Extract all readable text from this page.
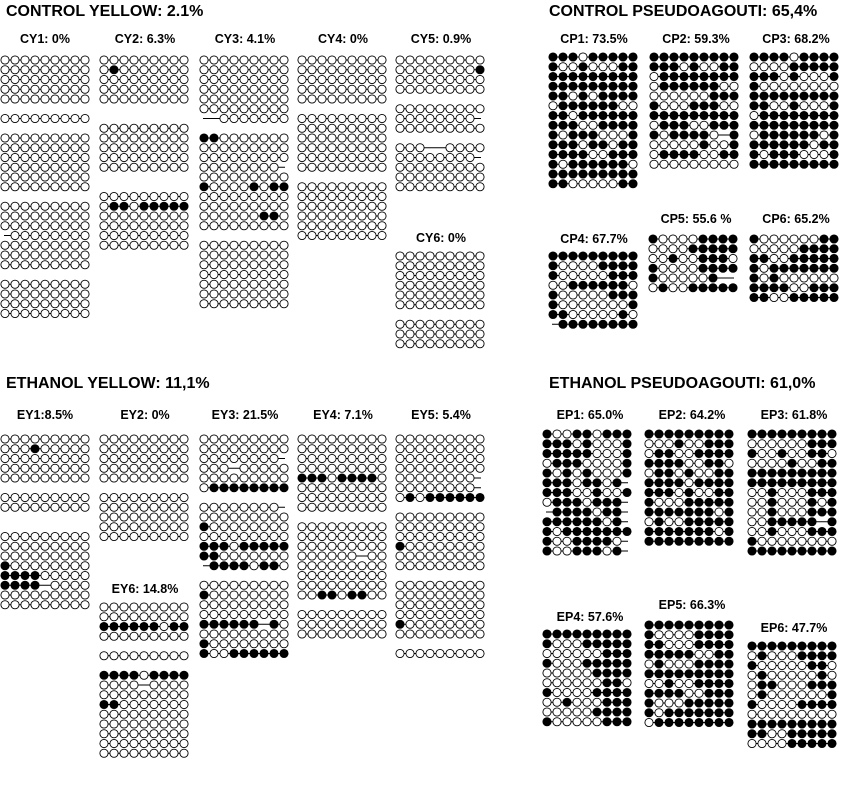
CONTROL YELLOW: 2.1%	CONTROL PSEUDOAGOUTI: 65,4%
ETHANOL YELLOW: 11,1%	ETHANOL PSEUDOAGOUTI: 61,0%
CY1: 0%	CY2: 6.3%	CY3: 4.1%	CY4: 0%	CY5: 0.9%
CY6: 0%
CP1: 73.5%	CP2: 59.3%	CP3: 68.2%
CP4: 67.7%
CP5: 55.6 %	CP6: 65.2%
EY1:8.5%	EY2: 0%
EY6: 14.8%
EY3: 21.5%	EY4: 7.1%	EY5: 5.4%	EP1: 65.0%	EP2: 64.2%	EP3: 61.8%
EP4: 57.6%
EP5: 66.3%
EP6: 47.7%
